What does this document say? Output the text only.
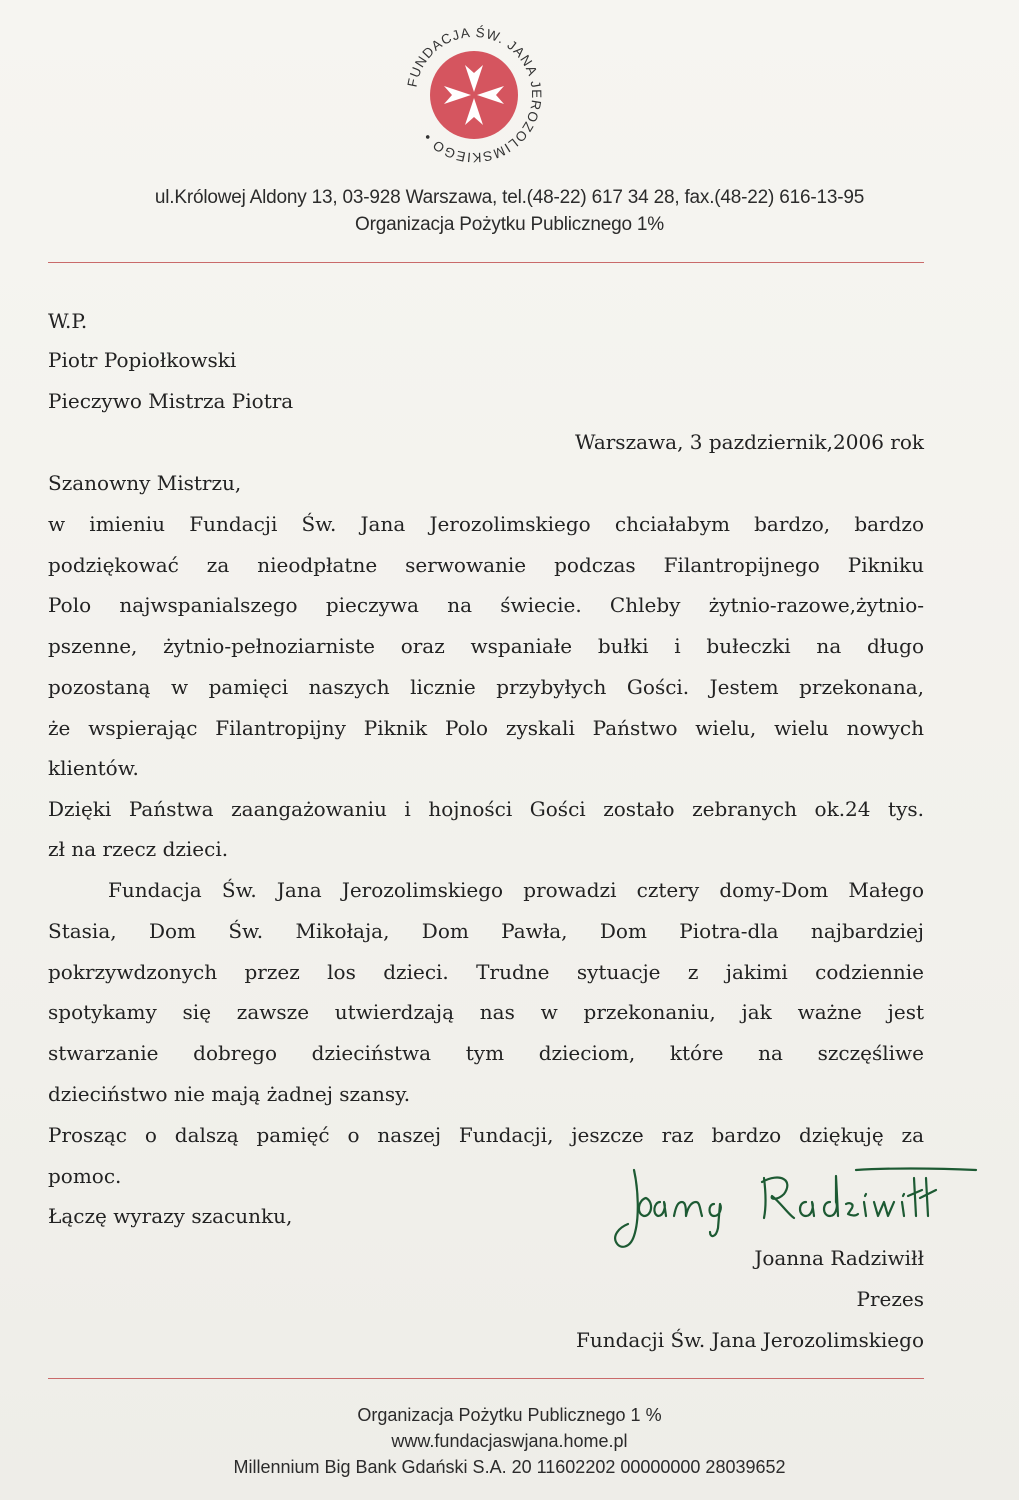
FUNDACJA ŚW. JANA JEROZOLIMSKIEGO •
ul.Królowej Aldony 13, 03-928 Warszawa, tel.(48-22) 617 34 28, fax.(48-22) 616-13-95
Organizacja Pożytku Publicznego 1%
W.P.
Piotr Popiołkowski
Pieczywo Mistrza Piotra
Warszawa, 3 pazdziernik,2006 rok
Szanowny Mistrzu,
w imieniu Fundacji Św. Jana Jerozolimskiego chciałabym bardzo, bardzo
podziękować za nieodpłatne serwowanie podczas Filantropijnego Pikniku
Polo najwspanialszego pieczywa na świecie. Chleby żytnio-razowe,żytnio-
pszenne, żytnio-pełnoziarniste oraz wspaniałe bułki i bułeczki na długo
pozostaną w pamięci naszych licznie przybyłych Gości. Jestem przekonana,
że wspierając Filantropijny Piknik Polo zyskali Państwo wielu, wielu nowych
klientów.
Dzięki Państwa zaangażowaniu i hojności Gości zostało zebranych ok.24 tys.
zł na rzecz dzieci.
Fundacja Św. Jana Jerozolimskiego prowadzi cztery domy-Dom Małego
Stasia, Dom Św. Mikołaja, Dom Pawła, Dom Piotra-dla najbardziej
pokrzywdzonych przez los dzieci. Trudne sytuacje z jakimi codziennie
spotykamy się zawsze utwierdzają nas w przekonaniu, jak ważne jest
stwarzanie dobrego dzieciństwa tym dzieciom, które na szczęśliwe
dzieciństwo nie mają żadnej szansy.
Prosząc o dalszą pamięć o naszej Fundacji, jeszcze raz bardzo dziękuję za
pomoc.
Łączę wyrazy szacunku,
Joanna Radziwiłł
Prezes
Fundacji Św. Jana Jerozolimskiego
Organizacja Pożytku Publicznego 1 %
www.fundacjaswjana.home.pl
Millennium Big Bank Gdański S.A. 20 11602202 00000000 28039652
